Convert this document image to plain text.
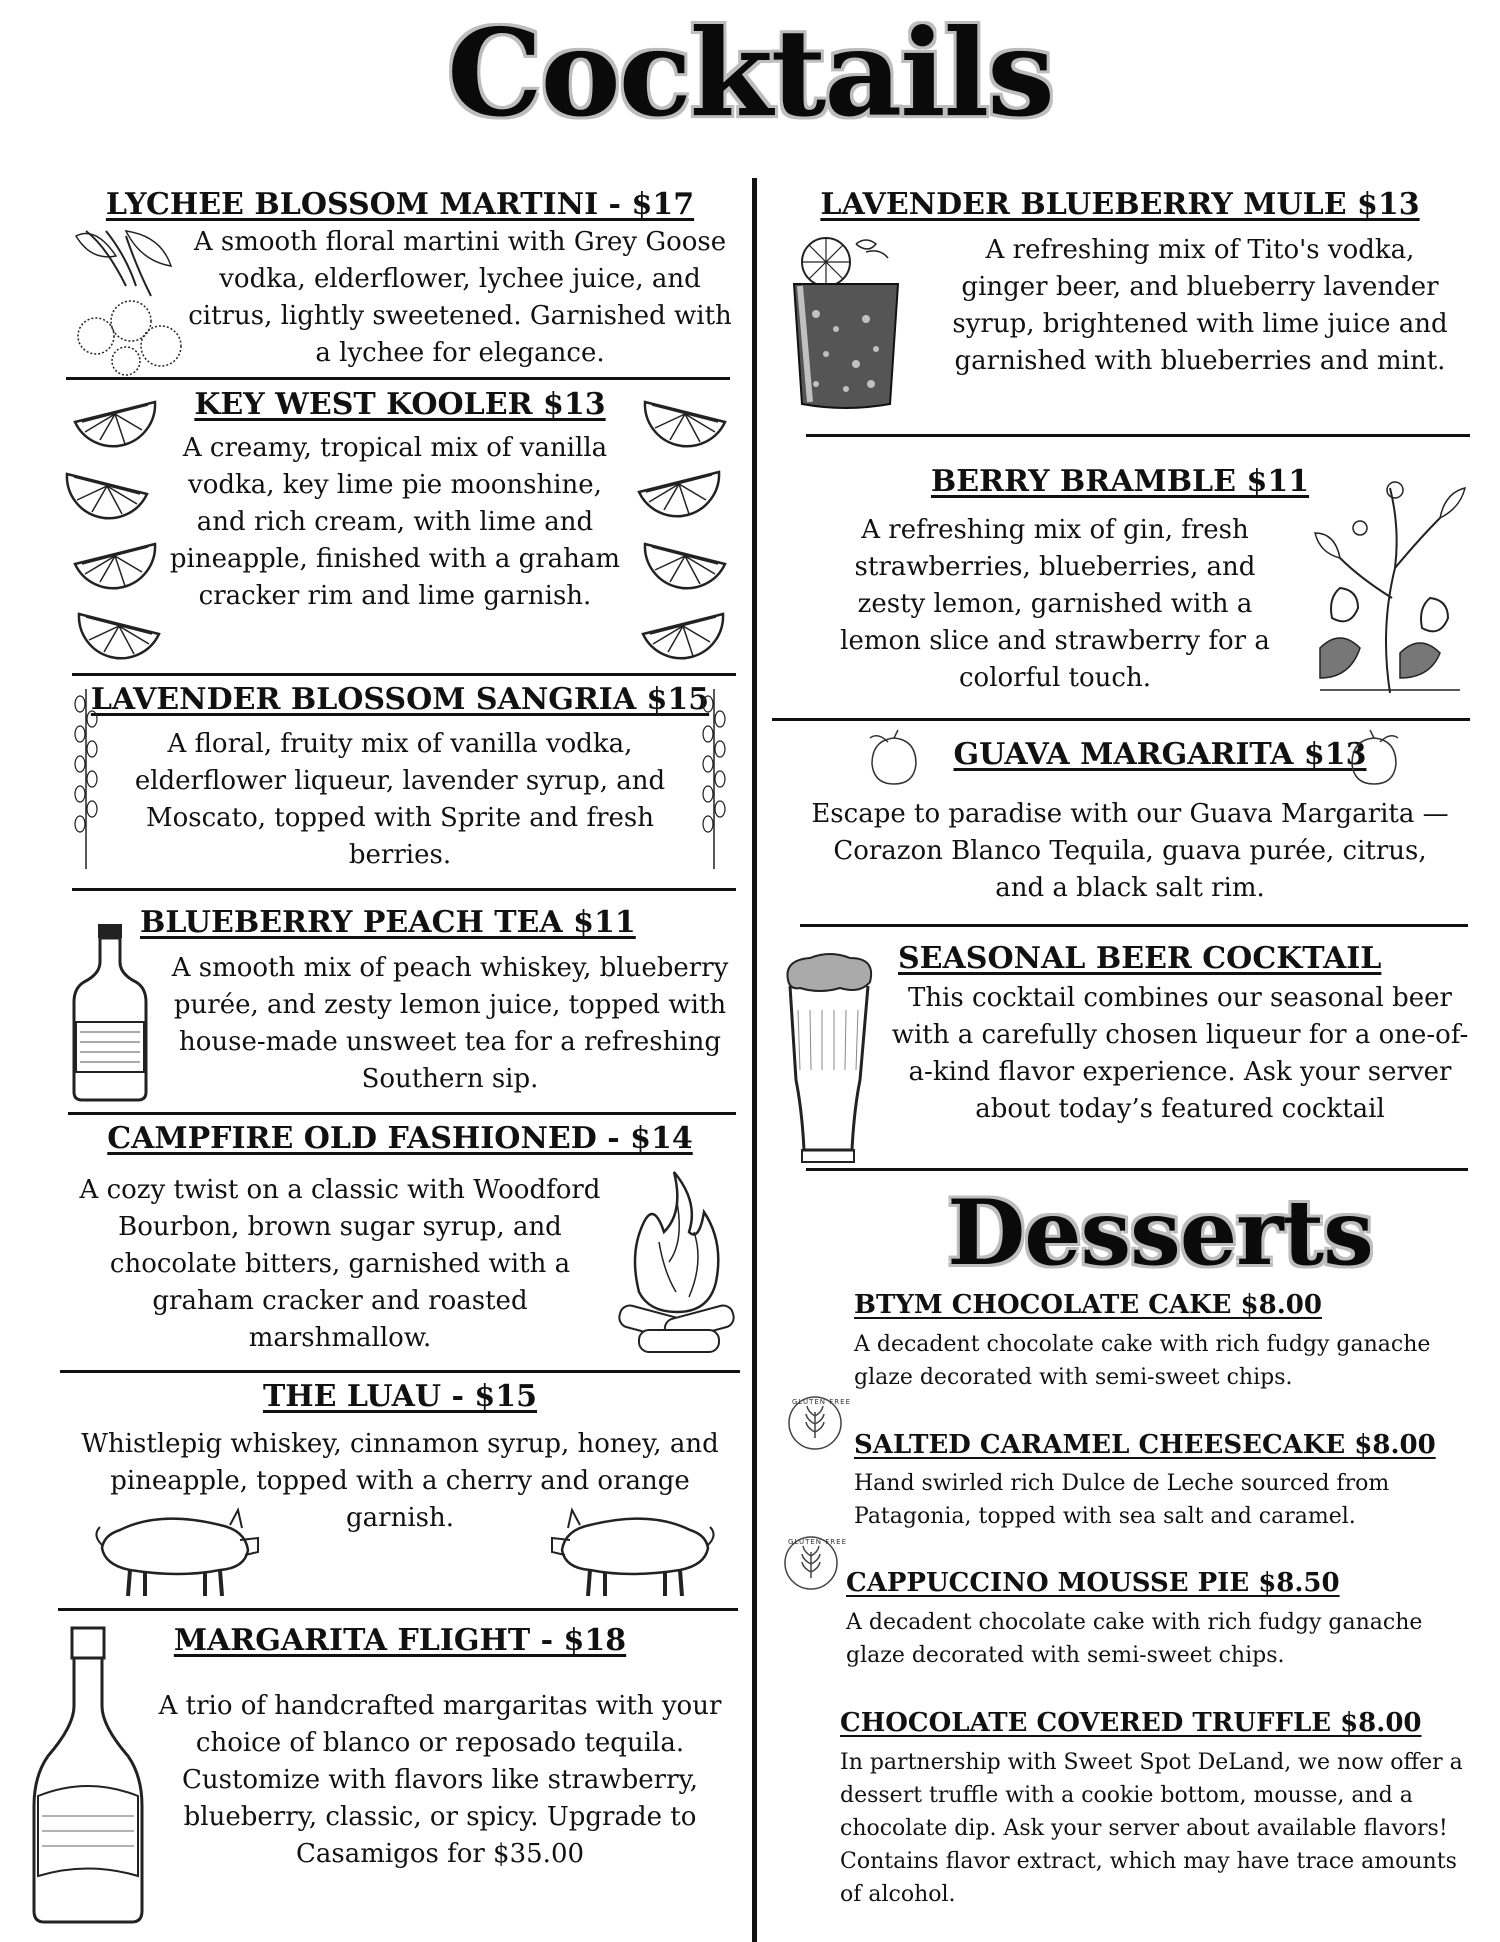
Cocktails
LYCHEE BLOSSOM MARTINI - $17
A smooth floral martini with Grey Goose vodka, elderflower, lychee juice, and citrus, lightly sweetened. Garnished with a lychee for elegance.
KEY WEST KOOLER $13
A creamy, tropical mix of vanilla vodka, key lime pie moonshine, and rich cream, with lime and pineapple, finished with a graham cracker rim and lime garnish.
LAVENDER BLOSSOM SANGRIA $15
A floral, fruity mix of vanilla vodka, elderflower liqueur, lavender syrup, and Moscato, topped with Sprite and fresh berries.
BLUEBERRY PEACH TEA $11
A smooth mix of peach whiskey, blueberry purée, and zesty lemon juice, topped with house-made unsweet tea for a refreshing Southern sip.
CAMPFIRE OLD FASHIONED - $14
A cozy twist on a classic with Woodford Bourbon, brown sugar syrup, and chocolate bitters, garnished with a graham cracker and roasted marshmallow.
THE LUAU - $15
Whistlepig whiskey, cinnamon syrup, honey, and pineapple, topped with a cherry and orange garnish.
MARGARITA FLIGHT - $18
A trio of handcrafted margaritas with your choice of blanco or reposado tequila. Customize with flavors like strawberry, blueberry, classic, or spicy. Upgrade to Casamigos for $35.00
LAVENDER BLUEBERRY MULE $13
A refreshing mix of Tito's vodka, ginger beer, and blueberry lavender syrup, brightened with lime juice and garnished with blueberries and mint.
BERRY BRAMBLE $11
A refreshing mix of gin, fresh strawberries, blueberries, and zesty lemon, garnished with a lemon slice and strawberry for a colorful touch.
GUAVA MARGARITA $13
Escape to paradise with our Guava Margarita —Corazon Blanco Tequila, guava purée, citrus, and a black salt rim.
SEASONAL BEER COCKTAIL
This cocktail combines our seasonal beer with a carefully chosen liqueur for a one-of-a-kind flavor experience. Ask your server about today’s featured cocktail
Desserts
BTYM CHOCOLATE CAKE $8.00
A decadent chocolate cake with rich fudgy ganache glaze decorated with semi-sweet chips.
SALTED CARAMEL CHEESECAKE $8.00
Hand swirled rich Dulce de Leche sourced from Patagonia, topped with sea salt and caramel.
CAPPUCCINO MOUSSE PIE $8.50
A decadent chocolate cake with rich fudgy ganache glaze decorated with semi-sweet chips.
CHOCOLATE COVERED TRUFFLE $8.00
In partnership with Sweet Spot DeLand, we now offer a dessert truffle with a cookie bottom, mousse, and a chocolate dip. Ask your server about available flavors! Contains flavor extract, which may have trace amounts of alcohol.
GLUTEN FREE
GLUTEN FREE
